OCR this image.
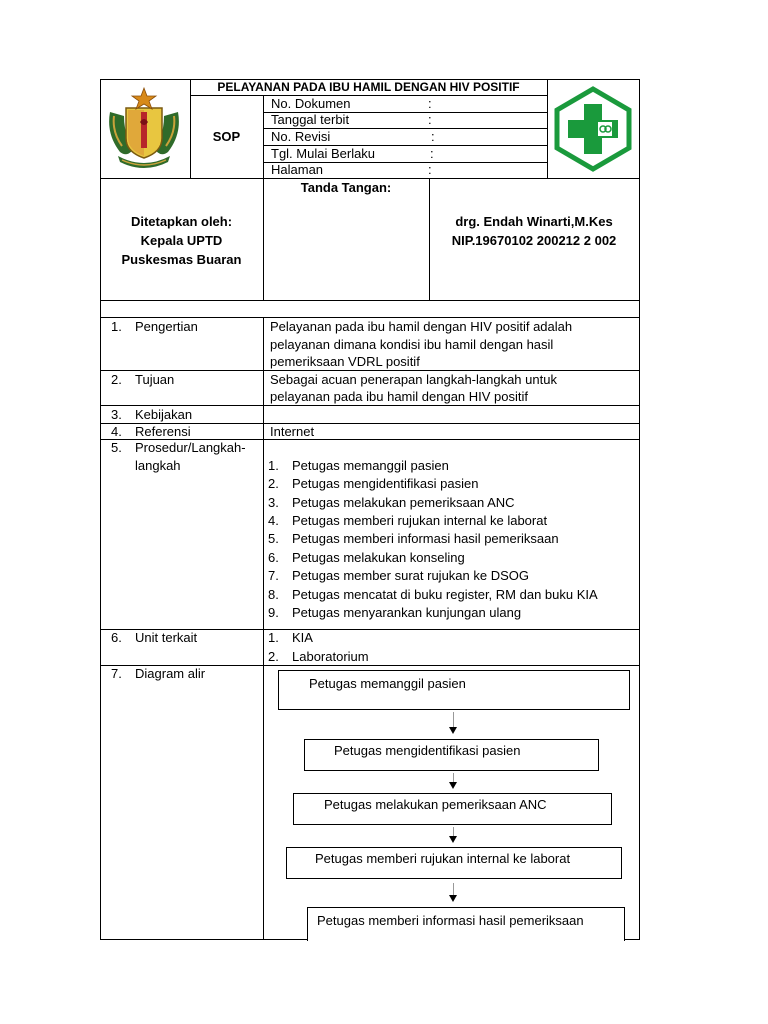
PELAYANAN PADA IBU HAMIL DENGAN HIV POSITIF
SOP
No. Dokumen	:
Tanggal terbit	:
No. Revisi	:
Tgl. Mulai Berlaku	:
Halaman	:
Ditetapkan oleh:
Kepala UPTD
Puskesmas Buaran
Tanda Tangan:
drg. Endah Winarti,M.Kes
NIP.19670102 200212 2 002
1. Pengertian	Pelayanan pada ibu hamil dengan HIV positif adalah
pelayanan dimana kondisi ibu hamil dengan hasil
pemeriksaan VDRL positif
2. Tujuan	Sebagai acuan penerapan langkah-langkah untuk
pelayanan pada ibu hamil dengan HIV positif
3. Kebijakan
4. Referensi	Internet
5. Prosedur/Langkah-
langkah	1. Petugas memanggil pasien
2. Petugas mengidentifikasi pasien
3. Petugas melakukan pemeriksaan ANC
4. Petugas memberi rujukan internal ke laborat
5. Petugas memberi informasi hasil pemeriksaan
6. Petugas melakukan konseling
7. Petugas member surat rujukan ke DSOG
8. Petugas mencatat di buku register, RM dan buku KIA
9. Petugas menyarankan kunjungan ulang
6. Unit terkait	1. KIA
2. Laboratorium
7. Diagram alir
Petugas memanggil pasien
Petugas mengidentifikasi pasien
Petugas melakukan pemeriksaan ANC
Petugas memberi rujukan internal ke laborat
Petugas memberi informasi hasil pemeriksaan
